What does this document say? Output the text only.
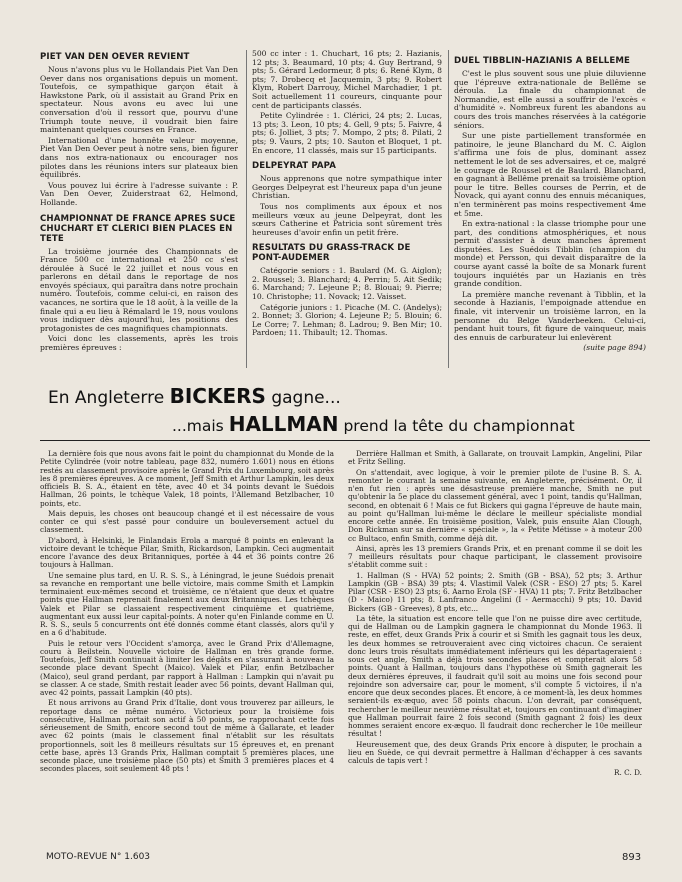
PIET VAN DEN OEVER REVIENT

Nous n'avons plus vu le Hollandais Piet Van Den Oever dans nos organisations depuis un moment. Toutefois, ce sympathique garçon était à Hawkstone Park, où il assistait au Grand Prix en spectateur. Nous avons eu avec lui une conversation d'où il ressort que, pourvu d'une Triumph toute neuve, il voudrait bien faire maintenant quelques courses en France.

International d'une honnête valeur moyenne, Piet Van Den Oever peut à notre sens, bien figurer dans nos extra-nationaux ou encourager nos pilotes dans les réunions inters sur plateaux bien équilibrés.

Vous pouvez lui écrire à l'adresse suivante : P. Van Den Oever, Zuiderstraat 62, Helmond, Hollande.

CHAMPIONNAT DE FRANCE APRES SUCE CHUCHART ET CLERICI BIEN PLACES EN TETE

La troisième journée des Championnats de France 500 cc international et 250 cc s'est déroulée à Sucé le 22 juillet et nous vous en parlerons en détail dans le reportage de nos envoyés spéciaux, qui paraîtra dans notre prochain numéro. Toutefois, comme celui-ci, en raison des vacances, ne sortira que le 18 août, à la veille de la finale qui a eu lieu à Rémalard le 19, nous voulons vous indiquer dès aujourd'hui, les positions des protagonistes de ces magnifiques championnats.

Voici donc les classements, après les trois premières épreuves :

500 cc inter : 1. Chuchart, 16 pts; 2. Hazianis, 12 pts; 3. Beaumard, 10 pts; 4. Guy Bertrand, 9 pts; 5. Gérard Ledormeur, 8 pts; 6. René Klym, 8 pts; 7. Drobecq et Jacquemin, 3 pts; 9. Robert Klym, Robert Darrouy, Michel Marchadier, 1 pt. Soit actuellement 11 coureurs, cinquante pour cent de participants classés.

Petite Cylindrée : 1. Clérici, 24 pts; 2. Lucas, 13 pts; 3. Leon, 10 pts; 4. Gell, 9 pts; 5. Faivre, 4 pts; 6. Jolliet, 3 pts; 7. Mompo, 2 pts; 8. Pilati, 2 pts; 9. Vaurs, 2 pts; 10. Sauton et Bloquet, 1 pt. En encore, 11 classés, mais sur 15 participants.

DELPEYRAT PAPA

Nous apprenons que notre sympathique inter Georges Delpeyrat est l'heureux papa d'un jeune Christian.

Tous nos compliments aux époux et nos meilleurs vœux au jeune Delpeyrat, dont les sœurs Catherine et Patricia sont sûrement très heureuses d'avoir enfin un petit frère.

RESULTATS DU GRASS-TRACK DE PONT-AUDEMER

Catégorie seniors : 1. Baulard (M. G. Aiglon); 2. Roussel; 3. Blanchard; 4. Perrin; 5. Ait Sedik; 6. Marchand; 7. Lejeune P.; 8. Blouai; 9. Pierre; 10. Christophe; 11. Novack; 12. Vaisset.

Catégorie juniors : 1. Picache (M. C. (Andelys); 2. Bonnet; 3. Glorion; 4. Lejeune P.; 5. Blouin; 6. Le Corre; 7. Lehman; 8. Ladrou; 9. Ben Mir; 10. Pardoen; 11. Thibault; 12. Thomas.

DUEL TIBBLIN-HAZIANIS A BELLEME

C'est le plus souvent sous une pluie diluvienne que l'épreuve extra-nationale de Bellême se déroula. La finale du championnat de Normandie, est elle aussi a souffrir de l'excès « d'humidité ». Nombreux furent les abandons au cours des trois manches réservées à la catégorie séniors.

Sur une piste partiellement transformée en patinoire, le jeune Blanchard du M. C. Aiglon s'affirma une fois de plus, dominant assez nettement le lot de ses adversaires, et ce, malgré le courage de Roussel et de Baulard. Blanchard, en gagnant à Bellême prenait sa troisième option pour le titre. Belles courses de Perrin, et de Novack, qui ayant connu des ennuis mécaniques, n'en terminèrent pas moins respectivement 4me et 5me.

En extra-national : la classe triomphe pour une part, des conditions atmosphériques, et nous permit d'assister à deux manches âprement disputées. Les Suédois Tibblin (champion du monde) et Persson, qui devait disparaître de la course ayant cassé la boîte de sa Monark furent toujours inquiétés par un Hazianis en très grande condition.

La première manche revenant à Tibblin, et la seconde à Hazianis, l'empoignade attendue en finale, vit intervenir un troisième larron, en la personne du Belge Vanderbeeken. Celui-ci, pendant huit tours, fit figure de vainqueur, mais des ennuis de carburateur lui enlevèrent

(suite page 894)
En Angleterre BICKERS gagne...
...mais HALLMAN prend la tête du championnat

La dernière fois que nous avons fait le point du championnat du Monde de la Petite Cylindrée (voir notre tableau, page 832, numéro 1.601) nous en étions restés au classement provisoire après le Grand Prix du Luxembourg, soit après les 8 premières épreuves. A ce moment, Jeff Smith et Arthur Lampkin, les deux officiels B. S. A., étaient en tête, avec 40 et 34 points devant le Suédois Hallman, 26 points, le tchèque Valek, 18 points, l'Allemand Betzlbacher, 10 points, etc.

Mais depuis, les choses ont beaucoup changé et il est nécessaire de vous conter ce qui s'est passé pour conduire un bouleversement actuel du classement.

D'abord, à Helsinki, le Finlandais Erola a marqué 8 points en enlevant la victoire devant le tchèque Pilar, Smith, Rickardson, Lampkin. Ceci augmentait encore l'avance des deux Britanniques, portée à 44 et 36 points contre 26 toujours à Hallman.

Une semaine plus tard, en U. R. S. S., à Léningrad, le jeune Suédois prenait sa revanche en remportant une belle victoire, mais comme Smith et Lampkin terminaient eux-mêmes second et troisième, ce n'étaient que deux et quatre points que Hallman reprenait finalement aux deux Britanniques. Les tchèques Valek et Pilar se classaient respectivement cinquième et quatrième, augmentant eux aussi leur capital-points. A noter qu'en Finlande comme en U. R. S. S., seuls 5 concurrents ont été donnés comme étant classés, alors qu'il y en a 6 d'habitude.

Puis le retour vers l'Occident s'amorça, avec le Grand Prix d'Allemagne, couru à Beilstein. Nouvelle victoire de Hallman en très grande forme. Toutefois, Jeff Smith continuait à limiter les dégâts en s'assurant à nouveau la seconde place devant Specht (Maico). Valek et Pilar, enfin Betzlbacher (Maico), seul grand perdant, par rapport à Hallman : Lampkin qui n'avait pu se classer. A ce stade, Smith restait leader avec 56 points, devant Hallman qui, avec 42 points, passait Lampkin (40 pts).

Et nous arrivons au Grand Prix d'Italie, dont vous trouverez par ailleurs, le reportage dans ce même numéro. Victorieux pour la troisième fois consécutive, Hallman portait son actif à 50 points, se rapprochant cette fois sérieusement de Smith, encore second tout de même à Gallarate, et leader avec 62 points (mais le classement final n'établit sur les résultats proportionnels, soit les 8 meilleurs résultats sur 15 épreuves et, en prenant cette base, après 13 Grands Prix, Hallman comptait 5 premières places, une seconde place, une troisième place (50 pts) et Smith 3 premières places et 4 secondes places, soit seulement 48 pts !

Derrière Hallman et Smith, à Gallarate, on trouvait Lampkin, Angelini, Pilar et Fritz Selling.

On s'attendait, avec logique, à voir le premier pilote de l'usine B. S. A. remonter le courant la semaine suivante, en Angleterre, précisément. Or, il n'en fut rien : après une désastreuse première manche, Smith ne put qu'obtenir la 5e place du classement général, avec 1 point, tandis qu'Hallman, second, en obtenait 6 ! Mais ce fut Bickers qui gagna l'épreuve de haute main, au point qu'Hallman lui-même le déclare le meilleur spécialiste mondial encore cette année. En troisième position, Valek, puis ensuite Alan Clough, Don Rickman sur sa dernière « spéciale », la « Petite Métisse » à moteur 200 cc Bultaco, enfin Smith, comme déjà dit.

Ainsi, après les 13 premiers Grands Prix, et en prenant comme il se doit les 7 meilleurs résultats pour chaque participant, le classement provisoire s'établit comme suit :

1. Hallman (S - HVA) 52 points; 2. Smith (GB - BSA), 52 pts; 3. Arthur Lampkin (GB - BSA) 39 pts; 4. Vlastimil Valek (CSR - ESO) 27 pts; 5. Karel Pilar (CSR - ESO) 23 pts; 6. Aarno Erola (SF - HVA) 11 pts; 7. Fritz Betzlbacher (D - Maico) 11 pts; 8. Lanfranco Angelini (I - Aermacchi) 9 pts; 10. David Bickers (GB - Greeves), 8 pts, etc...

La tête, la situation est encore telle que l'on ne puisse dire avec certitude, qui de Hallman ou de Lampkin gagnera le championnat du Monde 1963. Il reste, en effet, deux Grands Prix à courir et si Smith les gagnait tous les deux, les deux hommes se retrouveraient avec cinq victoires chacun. Ce seraient donc leurs trois résultats immédiatement inférieurs qui les départageraient : sous cet angle, Smith a déjà trois secondes places et compterait alors 58 points. Quant à Hallman, toujours dans l'hypothèse où Smith gagnerait les deux dernières épreuves, il faudrait qu'il soit au moins une fois second pour rejoindre son adversaire car, pour le moment, s'il compte 5 victoires, il n'a encore que deux secondes places. Et encore, à ce moment-là, les deux hommes seraient-ils ex-æquo, avec 58 points chacun. L'on devrait, par conséquent, rechercher le meilleur neuvième résultat et, toujours en continuant d'imaginer que Hallman pourrait faire 2 fois second (Smith gagnant 2 fois) les deux hommes seraient encore ex-æquo. Il faudrait donc rechercher le 10e meilleur résultat !

Heureusement que, des deux Grands Prix encore à disputer, le prochain a lieu en Suède, ce qui devrait permettre à Hallman d'échapper à ces savants calculs de tapis vert !

R. C. D.
MOTO-REVUE N° 1.603	893
